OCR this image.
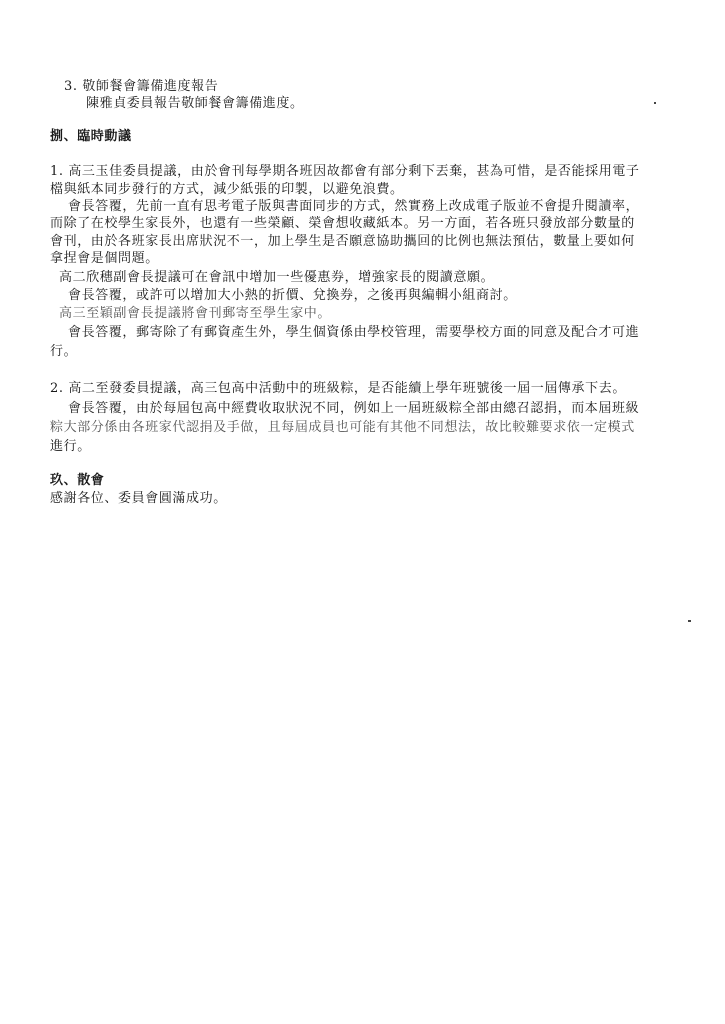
3. 敬師餐會籌備進度報告
陳雅貞委員報告敬師餐會籌備進度。
捌、臨時動議
1. 高三玉佳委員提議，由於會刊每學期各班因故都會有部分剩下丟棄，甚為可惜，是否能採用電子
檔與紙本同步發行的方式，減少紙張的印製，以避免浪費。
會長答覆，先前一直有思考電子版與書面同步的方式，然實務上改成電子版並不會提升閱讀率，
而除了在校學生家長外，也還有一些榮顧、榮會想收藏紙本。另一方面，若各班只發放部分數量的
會刊，由於各班家長出席狀況不一，加上學生是否願意協助攜回的比例也無法預估，數量上要如何
拿捏會是個問題。
高二欣穗副會長提議可在會訊中增加一些優惠券，增強家長的閱讀意願。
會長答覆，或許可以增加大小熱的折價、兌換券，之後再與編輯小組商討。
高三至穎副會長提議將會刊郵寄至學生家中。
會長答覆，郵寄除了有郵資產生外，學生個資係由學校管理，需要學校方面的同意及配合才可進
行。
2. 高二至發委員提議，高三包高中活動中的班級粽，是否能續上學年班號後一屆一屆傳承下去。
會長答覆，由於每屆包高中經費收取狀況不同，例如上一屆班級粽全部由總召認捐，而本屆班級
粽大部分係由各班家代認捐及手做，且每屆成員也可能有其他不同想法，故比較難要求依一定模式
進行。
玖、散會
感謝各位、委員會圓滿成功。
